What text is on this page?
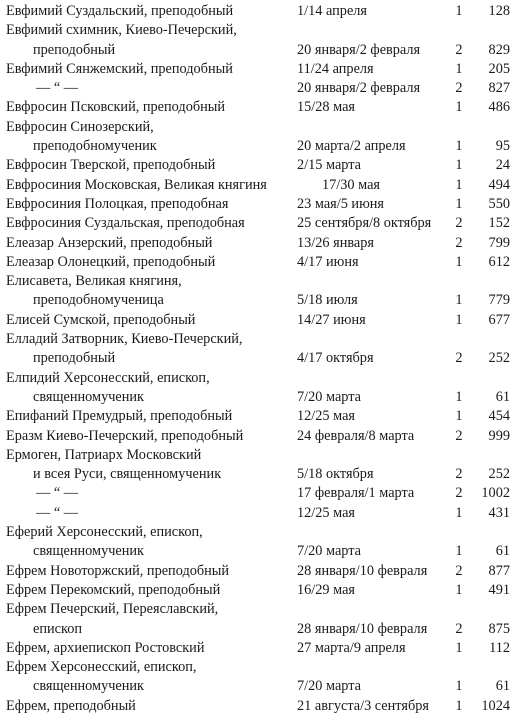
Евфимий Суздальский, преподобный	1/14 апреля	1	128
Евфимий схимник, Киево-Печерский,
преподобный	20 января/2 февраля	2	829
Евфимий Сянжемский, преподобный	11/24 апреля	1	205
— “ —	20 января/2 февраля	2	827
Евфросин Псковский, преподобный	15/28 мая	1	486
Евфросин Синозерский,
преподобномученик	20 марта/2 апреля	1	95
Евфросин Тверской, преподобный	2/15 марта	1	24
Евфросиния Московская, Великая княгиня	17/30 мая	1	494
Евфросиния Полоцкая, преподобная	23 мая/5 июня	1	550
Евфросиния Суздальская, преподобная	25 сентября/8 октября	2	152
Елеазар Анзерский, преподобный	13/26 января	2	799
Елеазар Олонецкий, преподобный	4/17 июня	1	612
Елисавета, Великая княгиня,
преподобномученица	5/18 июля	1	779
Елисей Сумской, преподобный	14/27 июня	1	677
Елладий Затворник, Киево-Печерский,
преподобный	4/17 октября	2	252
Елпидий Херсонесский, епископ,
священномученик	7/20 марта	1	61
Епифаний Премудрый, преподобный	12/25 мая	1	454
Еразм Киево-Печерский, преподобный	24 февраля/8 марта	2	999
Ермоген, Патриарх Московский
и всея Руси, священномученик	5/18 октября	2	252
— “ —	17 февраля/1 марта	2	1002
— “ —	12/25 мая	1	431
Еферий Херсонесский, епископ,
священномученик	7/20 марта	1	61
Ефрем Новоторжский, преподобный	28 января/10 февраля	2	877
Ефрем Перекомский, преподобный	16/29 мая	1	491
Ефрем Печерский, Переяславский,
епископ	28 января/10 февраля	2	875
Ефрем, архиепископ Ростовский	27 марта/9 апреля	1	112
Ефрем Херсонесский, епископ,
священномученик	7/20 марта	1	61
Ефрем, преподобный	21 августа/3 сентября	1	1024
